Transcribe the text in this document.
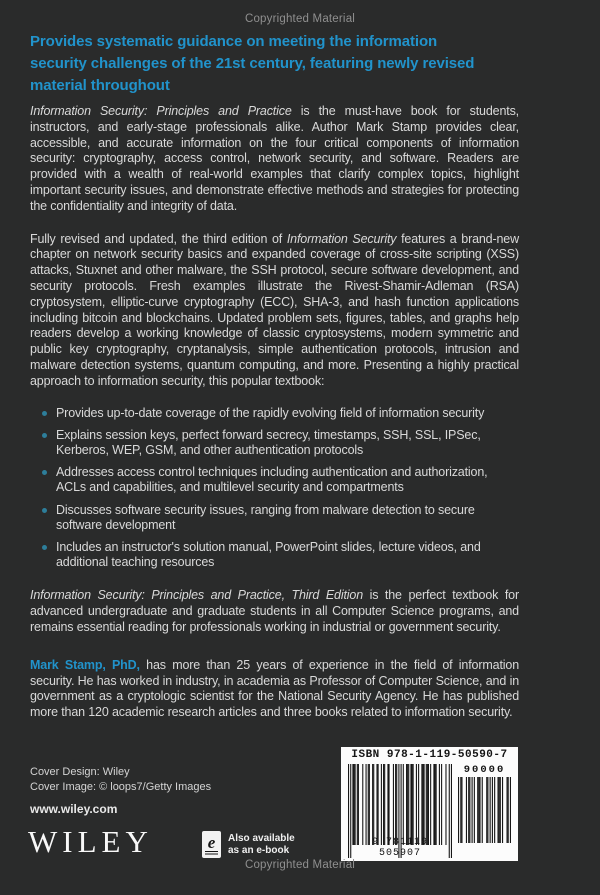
Copyrighted Material
Provides systematic guidance on meeting the information
security challenges of the 21st century, featuring newly revised
material throughout

Information Security: Principles and Practice is the must-have book for students, instructors, and early-stage professionals alike. Author Mark Stamp provides clear, accessible, and accurate information on the four critical components of information security: cryptography, access control, network security, and software. Readers are provided with a wealth of real-world examples that clarify complex topics, highlight important security issues, and demonstrate effective methods and strategies for protecting the confidentiality and integrity of data.

Fully revised and updated, the third edition of Information Security features a brand-new chapter on network security basics and expanded coverage of cross-site scripting (XSS) attacks, Stuxnet and other malware, the SSH protocol, secure software development, and security protocols. Fresh examples illustrate the Rivest-Shamir-Adleman (RSA) cryptosystem, elliptic-curve cryptography (ECC), SHA-3, and hash function applications including bitcoin and blockchains. Updated problem sets, figures, tables, and graphs help readers develop a working knowledge of classic cryptosystems, modern symmetric and public key cryptography, cryptanalysis, simple authentication protocols, intrusion and malware detection systems, quantum computing, and more. Presenting a highly practical approach to information security, this popular textbook:

Provides up-to-date coverage of the rapidly evolving field of information security
Explains session keys, perfect forward secrecy, timestamps, SSH, SSL, IPSec, Kerberos, WEP, GSM, and other authentication protocols
Addresses access control techniques including authentication and authorization, ACLs and capabilities, and multilevel security and compartments
Discusses software security issues, ranging from malware detection to secure software development
Includes an instructor's solution manual, PowerPoint slides, lecture videos, and additional teaching resources

Information Security: Principles and Practice, Third Edition is the perfect textbook for advanced undergraduate and graduate students in all Computer Science programs, and remains essential reading for professionals working in industrial or government security.

Mark Stamp, PhD, has more than 25 years of experience in the field of information security. He has worked in industry, in academia as Professor of Computer Science, and in government as a cryptologic scientist for the National Security Agency. He has published more than 120 academic research articles and three books related to information security.

Cover Design: Wiley
Cover Image: © loops7/Getty Images
www.wiley.com
WILEY	e Also available
as an e-book
ISBN 978-1-119-50590-7
9 781119 505907
90000
Copyrighted Material
